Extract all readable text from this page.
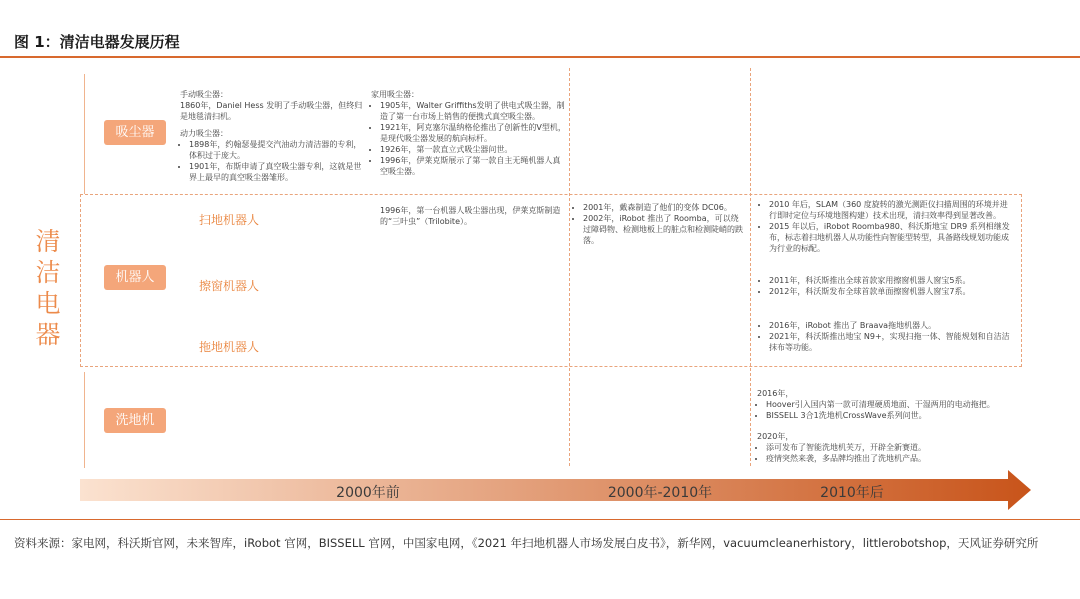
图 1：清洁电器发展历程
清
洁
电
器
吸尘器
机器人
洗地机
扫地机器人
擦窗机器人
拖地机器人
手动吸尘器：
1860年，Daniel Hess 发明了手动吸尘器，但终归是地毯清扫机。
动力吸尘器：
• 1898年，约翰瑟曼提交汽油动力清洁器的专利，体积过于庞大。
• 1901年，布斯申请了真空吸尘器专利，这就是世界上最早的真空吸尘器雏形。
家用吸尘器：
• 1905年，Walter Griffiths发明了供电式吸尘器，制造了第一台市场上销售的便携式真空吸尘器。
• 1921年，阿克塞尔温纳格伦推出了创新性的V型机，是现代吸尘器发展的航向标杆。
• 1926年，第一款直立式吸尘器问世。
• 1996年，伊莱克斯展示了第一款自主无绳机器人真空吸尘器。
1996年，第一台机器人吸尘器出现，伊莱克斯制造的“三叶虫”（Trilobite）。
• 2001年，戴森制造了他们的变体 DC06。
• 2002年，iRobot 推出了 Roomba，可以绕过障碍物、检测地板上的脏点和检测陡峭的跌落。
• 2010 年后，SLAM（360 度旋转的激光测距仪扫描周围的环境并进行即时定位与环境地图构建）技术出现，清扫效率得到显著改善。
• 2015 年以后，iRobot Roomba980、科沃斯地宝 DR9 系列相继发布，标志着扫地机器人从功能性向智能型转型，具备路线规划功能成为行业的标配。
• 2011年，科沃斯推出全球首款家用擦窗机器人窗宝5系。
• 2012年，科沃斯发布全球首款单面擦窗机器人窗宝7系。
• 2016年，iRobot 推出了 Braava拖地机器人。
• 2021年，科沃斯推出地宝 N9+，实现扫拖一体、智能规划和自洁洁抹布等功能。
2016年，
• Hoover引入国内第一款可清理硬质地面、干湿两用的电动拖把。
• BISSELL 3合1洗地机CrossWave系列问世。
2020年，
• 添可发布了智能洗地机芙万，开辟全新赛道。
• 疫情突然来袭，多品牌均推出了洗地机产品。
2000年前	2000年-2010年	2010年后
资料来源：家电网，科沃斯官网，未来智库，iRobot 官网，BISSELL 官网，中国家电网，《2021 年扫地机器人市场发展白皮书》，新华网，vacuumcleanerhistory，littlerobotshop，天风证券研究所
